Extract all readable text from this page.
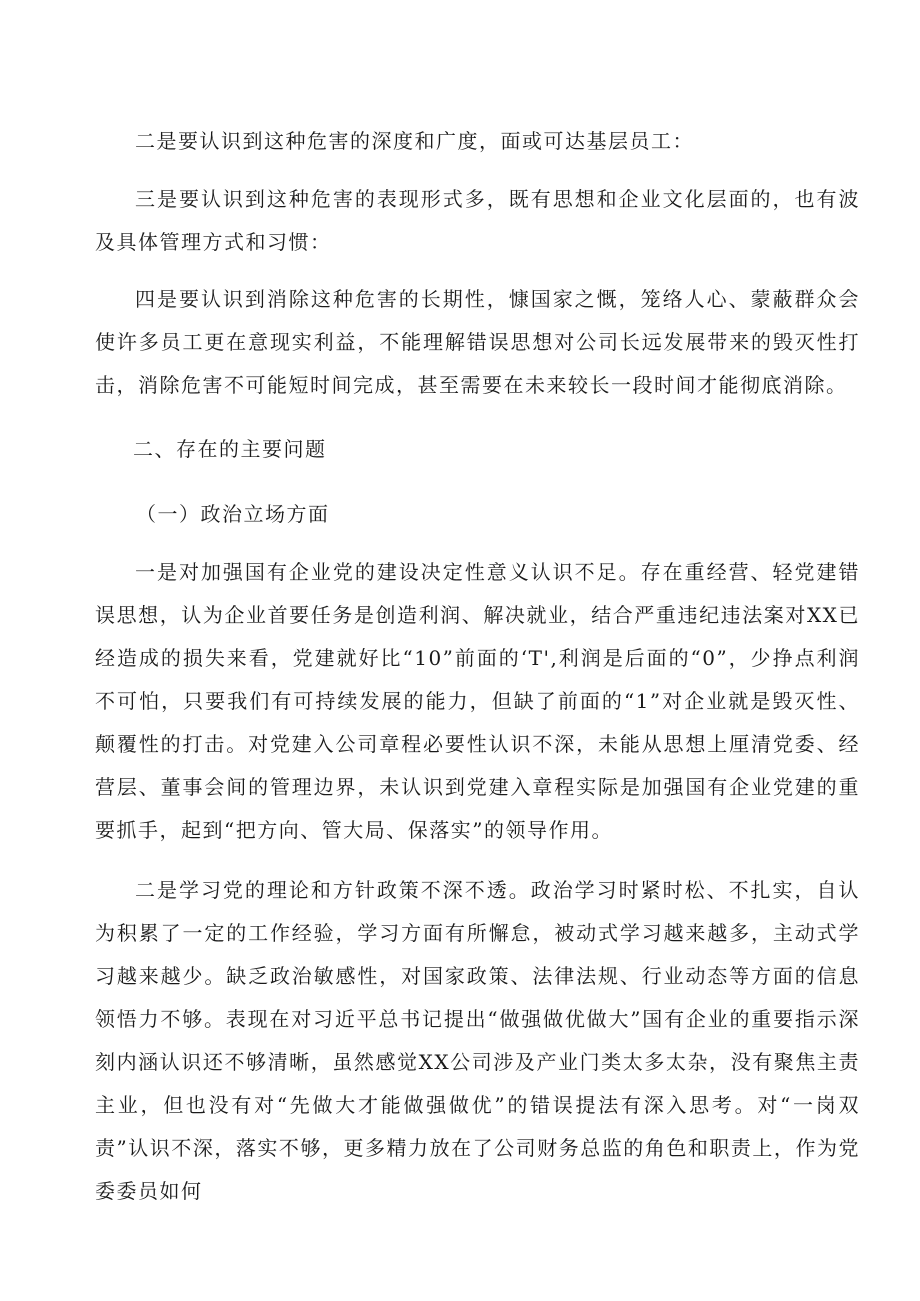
二是要认识到这种危害的深度和广度，面或可达基层员工：

三是要认识到这种危害的表现形式多，既有思想和企业文化层面的，也有波及具体管理方式和习惯：

四是要认识到消除这种危害的长期性，慷国家之慨，笼络人心、蒙蔽群众会使许多员工更在意现实利益，不能理解错误思想对公司长远发展带来的毁灭性打击，消除危害不可能短时间完成，甚至需要在未来较长一段时间才能彻底消除。

二、存在的主要问题

（一）政治立场方面

一是对加强国有企业党的建设决定性意义认识不足。存在重经营、轻党建错误思想，认为企业首要任务是创造利润、解决就业，结合严重违纪违法案对XX已经造成的损失来看，党建就好比“10”前面的‘T',利润是后面的“0”，少挣点利润不可怕，只要我们有可持续发展的能力，但缺了前面的“1”对企业就是毁灭性、颠覆性的打击。对党建入公司章程必要性认识不深，未能从思想上厘清党委、经营层、董事会间的管理边界，未认识到党建入章程实际是加强国有企业党建的重要抓手，起到“把方向、管大局、保落实”的领导作用。

二是学习党的理论和方针政策不深不透。政治学习时紧时松、不扎实，自认为积累了一定的工作经验，学习方面有所懈怠，被动式学习越来越多，主动式学习越来越少。缺乏政治敏感性，对国家政策、法律法规、行业动态等方面的信息领悟力不够。表现在对习近平总书记提出“做强做优做大”国有企业的重要指示深刻内涵认识还不够清晰，虽然感觉XX公司涉及产业门类太多太杂，没有聚焦主责主业，但也没有对“先做大才能做强做优”的错误提法有深入思考。对“一岗双责”认识不深，落实不够，更多精力放在了公司财务总监的角色和职责上，作为党委委员如何
